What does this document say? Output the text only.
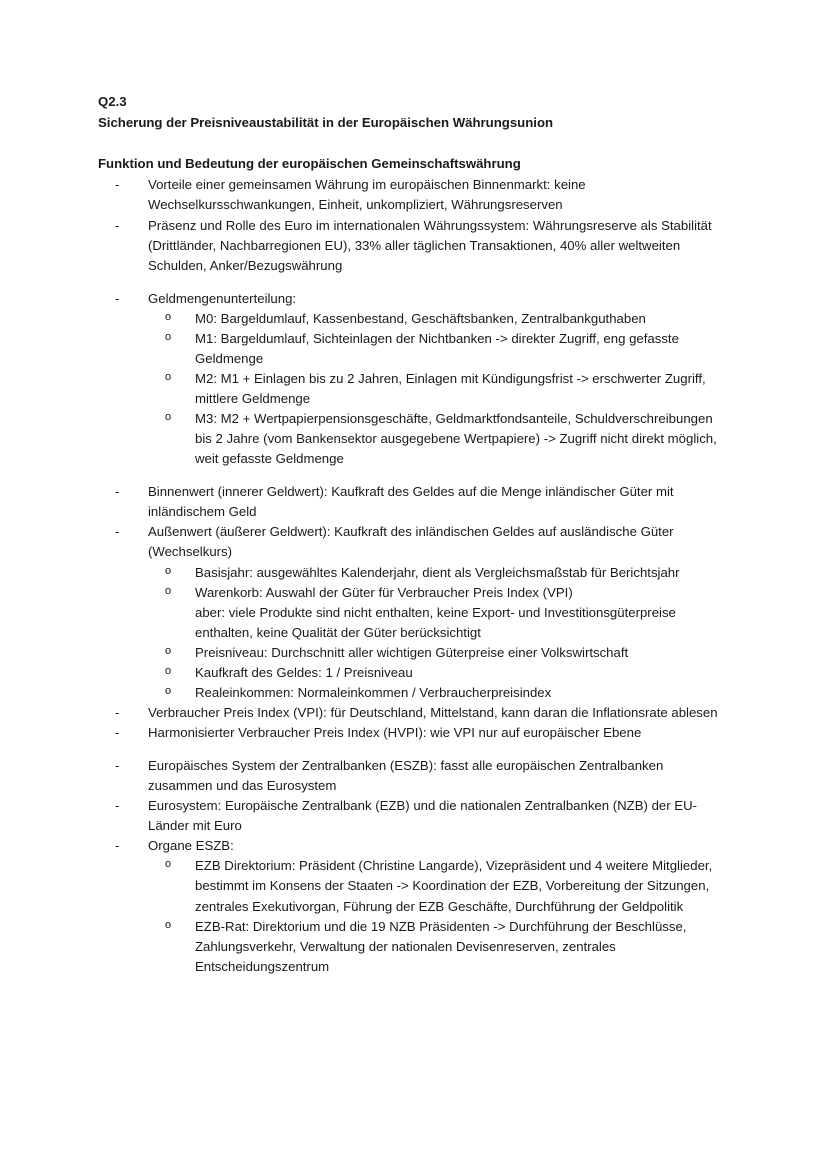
Q2.3
Sicherung der Preisniveaustabilität in der Europäischen Währungsunion
Funktion und Bedeutung der europäischen Gemeinschaftswährung
- Vorteile einer gemeinsamen Währung im europäischen Binnenmarkt: keine Wechselkursschwankungen, Einheit, unkompliziert, Währungsreserven
- Präsenz und Rolle des Euro im internationalen Währungssystem: Währungsreserve als Stabilität (Drittländer, Nachbarregionen EU), 33% aller täglichen Transaktionen, 40% aller weltweiten Schulden, Anker/Bezugswährung
- Geldmengenunterteilung:
o M0: Bargeldumlauf, Kassenbestand, Geschäftsbanken, Zentralbankguthaben
o M1: Bargeldumlauf, Sichteinlagen der Nichtbanken -> direkter Zugriff, eng gefasste Geldmenge
o M2: M1 + Einlagen bis zu 2 Jahren, Einlagen mit Kündigungsfrist -> erschwerter Zugriff, mittlere Geldmenge
o M3: M2 + Wertpapierpensionsgeschäfte, Geldmarktfondsanteile, Schuldverschreibungen bis 2 Jahre (vom Bankensektor ausgegebene Wertpapiere) -> Zugriff nicht direkt möglich, weit gefasste Geldmenge
- Binnenwert (innerer Geldwert): Kaufkraft des Geldes auf die Menge inländischer Güter mit inländischem Geld
- Außenwert (äußerer Geldwert): Kaufkraft des inländischen Geldes auf ausländische Güter (Wechselkurs)
o Basisjahr: ausgewähltes Kalenderjahr, dient als Vergleichsmaßstab für Berichtsjahr
o Warenkorb: Auswahl der Güter für Verbraucher Preis Index (VPI)
aber: viele Produkte sind nicht enthalten, keine Export- und Investitionsgüterpreise enthalten, keine Qualität der Güter berücksichtigt
o Preisniveau: Durchschnitt aller wichtigen Güterpreise einer Volkswirtschaft
o Kaufkraft des Geldes: 1 / Preisniveau
o Realeinkommen: Normaleinkommen / Verbraucherpreisindex
- Verbraucher Preis Index (VPI): für Deutschland, Mittelstand, kann daran die Inflationsrate ablesen
- Harmonisierter Verbraucher Preis Index (HVPI): wie VPI nur auf europäischer Ebene
- Europäisches System der Zentralbanken (ESZB): fasst alle europäischen Zentralbanken zusammen und das Eurosystem
- Eurosystem: Europäische Zentralbank (EZB) und die nationalen Zentralbanken (NZB) der EU-Länder mit Euro
- Organe ESZB:
o EZB Direktorium: Präsident (Christine Langarde), Vizepräsident und 4 weitere Mitglieder, bestimmt im Konsens der Staaten -> Koordination der EZB, Vorbereitung der Sitzungen, zentrales Exekutivorgan, Führung der EZB Geschäfte, Durchführung der Geldpolitik
o EZB-Rat: Direktorium und die 19 NZB Präsidenten -> Durchführung der Beschlüsse, Zahlungsverkehr, Verwaltung der nationalen Devisenreserven, zentrales Entscheidungszentrum
